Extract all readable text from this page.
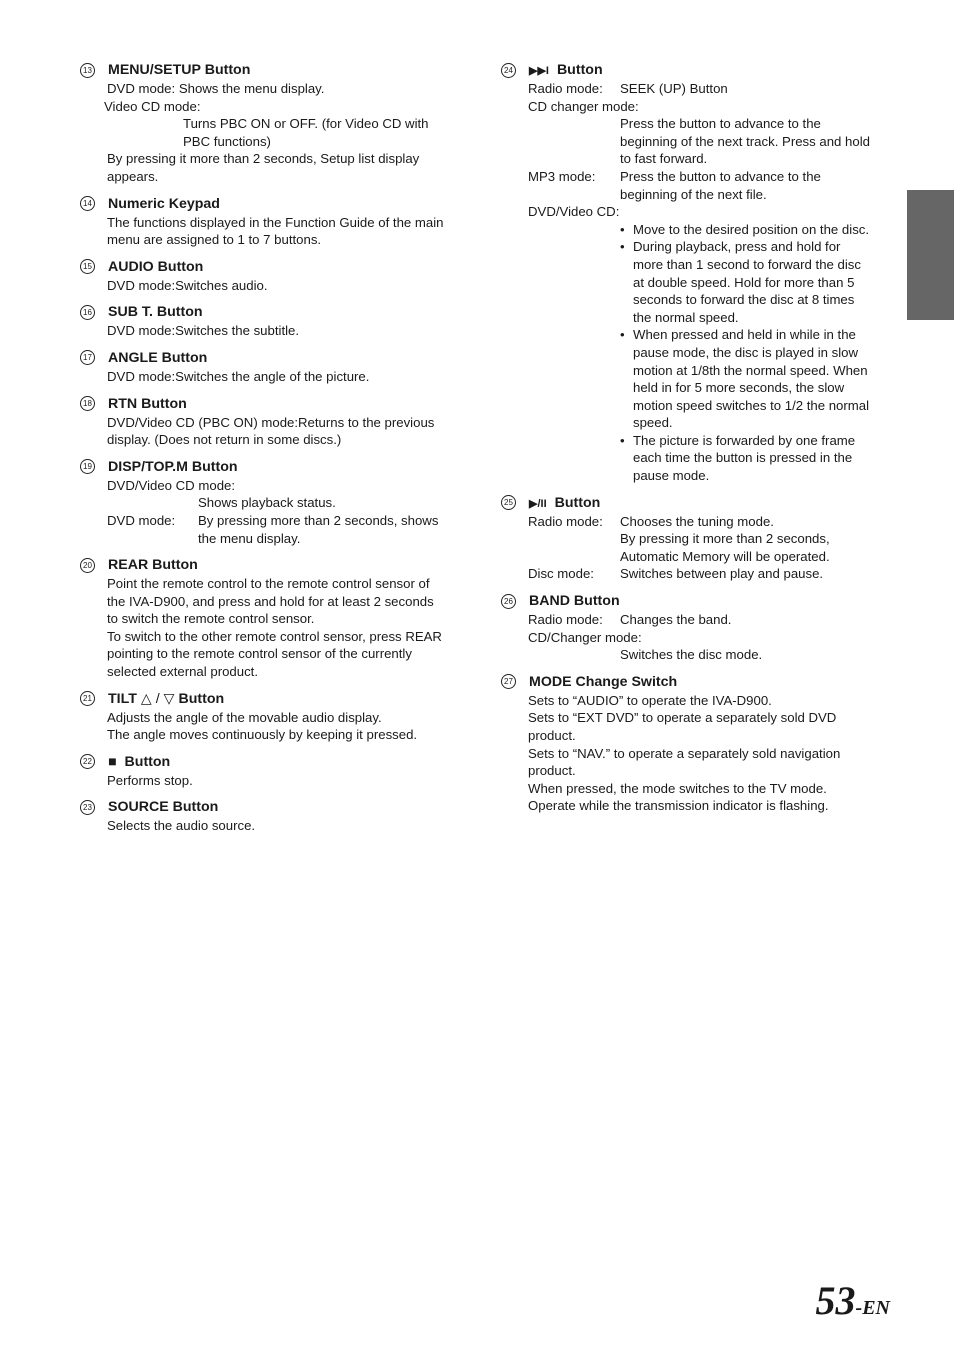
13 MENU/SETUP Button
DVD mode: Shows the menu display.
Video CD mode:
Turns PBC ON or OFF. (for Video CD with
PBC functions)
By pressing it more than 2 seconds, Setup list display
appears.
14 Numeric Keypad
The functions displayed in the Function Guide of the main
menu are assigned to 1 to 7 buttons.
15 AUDIO Button
DVD mode:Switches audio.
16 SUB T. Button
DVD mode:Switches the subtitle.
17 ANGLE Button
DVD mode:Switches the angle of the picture.
18 RTN Button
DVD/Video CD (PBC ON) mode:Returns to the previous
display. (Does not return in some discs.)
19 DISP/TOP.M Button
DVD/Video CD mode:
Shows playback status.
DVD mode:	By pressing more than 2 seconds, shows
the menu display.
20 REAR Button
Point the remote control to the remote control sensor of
the IVA-D900, and press and hold for at least 2 seconds
to switch the remote control sensor.
To switch to the other remote control sensor, press REAR
pointing to the remote control sensor of the currently
selected external product.
21 TILT △ / ▽ Button
Adjusts the angle of the movable audio display.
The angle moves continuously by keeping it pressed.
22 ■ Button
Performs stop.
23 SOURCE Button
Selects the audio source.
24 ▶▶I Button
Radio mode:	SEEK (UP) Button
CD changer mode:
Press the button to advance to the
beginning of the next track. Press and hold
to fast forward.
MP3 mode:	Press the button to advance to the
beginning of the next file.
DVD/Video CD:
• Move to the desired position on the disc.
• During playback, press and hold for
more than 1 second to forward the disc
at double speed. Hold for more than 5
seconds to forward the disc at 8 times
the normal speed.
• When pressed and held in while in the
pause mode, the disc is played in slow
motion at 1/8th the normal speed. When
held in for 5 more seconds, the slow
motion speed switches to 1/2 the normal
speed.
• The picture is forwarded by one frame
each time the button is pressed in the
pause mode.
25 ▶/II Button
Radio mode:	Chooses the tuning mode.
By pressing it more than 2 seconds,
Automatic Memory will be operated.
Disc mode:	Switches between play and pause.
26 BAND Button
Radio mode:	Changes the band.
CD/Changer mode:
Switches the disc mode.
27 MODE Change Switch
Sets to “AUDIO” to operate the IVA-D900.
Sets to “EXT DVD” to operate a separately sold DVD
product.
Sets to “NAV.” to operate a separately sold navigation
product.
When pressed, the mode switches to the TV mode.
Operate while the transmission indicator is flashing.
53-EN
